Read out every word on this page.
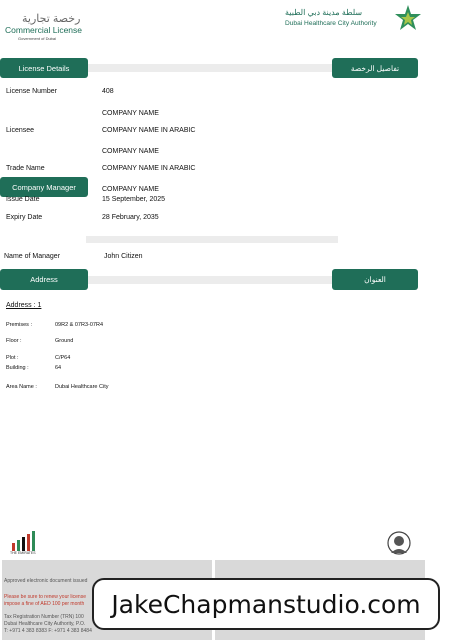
رخصة تجارية
Commercial License
Government of Dubai
سلطة مدينة دبي الطبية
Dubai Healthcare City Authority
License Details	تفاصيل الرخصة
License Number	408
COMPANY NAME
Licensee	COMPANY NAME IN ARABIC
COMPANY NAME
Trade Name	COMPANY NAME IN ARABIC
Company Manager	COMPANY NAME
Issue Date	15 September, 2025
Expiry Date	28 February, 2035
Name of Manager	John Citizen
Address	العنوان
Address : 1
Premises :	09R2 & 07R3-07R4
Floor :	Ground
Plot :	C/P64
Building :	64
Area Name :	Dubai Healthcare City
THE EMIRATES
Approved electronic document issued
Please be sure to renew your license
impose a fine of AED 100 per month
Tax Registration Number (TRN) 100
Dubai Healthcare City Authority, P.O.
T: +971 4 383 8383 F: +971 4 383 8484
JakeChapmanstudio.com
